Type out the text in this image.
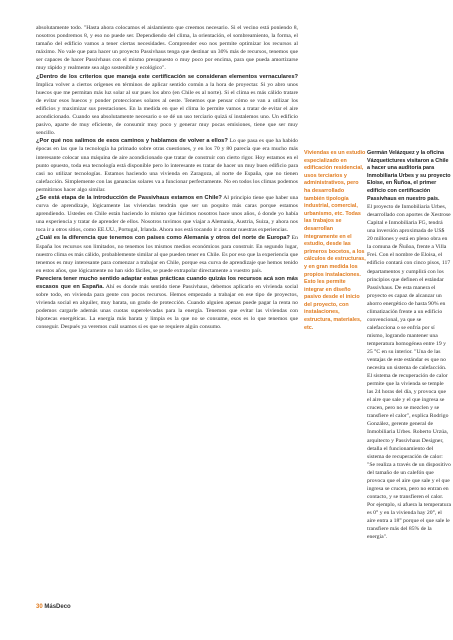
absolutamente todo. "Hasta ahora colocamos el aislamiento que creemos necesario. Si el vecino está poniendo 8, nosotros pondremos 8, y eso no puede ser. Dependiendo del clima, la orientación, el sombreamiento, la forma, el tamaño del edificio vamos a tener ciertas necesidades. Comprender eso nos permite optimizar los recursos al máximo. No vale que para hacer un proyecto Passivhaus tenga que destinar un 30% más de recursos, tenemos que ser capaces de hacer Passivhaus con el mismo presupuesto o muy poco por encima, para que pueda amortizarse muy rápido y realmente sea algo sostenible y ecológico".

¿Dentro de los criterios que maneja este certificación se consideran elementos vernaculares? Implica volver a ciertos orígenes en términos de aplicar sentido común a la hora de proyectar. Si yo abro unos huecos que me permitan más luz solar al sur pues los abro (en Chile es al norte). Si el clima es más cálido tratare de evitar esos huecos y ponder protecciones solares al oeste. Tenemos que pensar cómo se van a utilizar los edificios y maximizar sus prestaciones. En la medida en que el clima lo permite vamos a tratar de evitar el aire acondicionado. Cuando sea absolutamente necesario o se dé un uso terciario quizá sí instalemos uno. Un edificio pasivo, aparte de muy eficiente, de consumir muy poco y generar muy pocas emisiones, tiene que ser muy sencillo.

¿Por qué nos salimos de esos caminos y hablamos de volver a ellos? Lo que pasa es que ha habido épocas en las que la tecnología ha primado sobre otras cuestiones, y en los 70 y 80 parecía que era mucho más interesante colocar una máquina de aire acondicionado que tratar de construir con cierto rigor. Hoy estamos en el punto opuesto, toda esa tecnología está disponible pero lo interesante es tratar de hacer un muy buen edificio para casi no utilizar tecnologías. Estamos haciendo una vivienda en Zaragoza, al norte de España, que no tienen calefacción. Simplemente con las ganancias solares va a funcionar perfectamente. No en todos los climas podemos permitirnos hacer algo similar.

¿Se está etapa de la introducción de Passivhaus estamos en Chile? Al principio tiene que haber una curva de aprendizaje, lógicamente las viviendas tendrán que ser un poquito más caras porque estamos aprendiendo. Ustedes en Chile están haciendo lo mismo que hicimos nosotros hace unos años, ó donde yo había una experiencia y tratar de aprender de ellos. Nosotros tuvimos que viajar a Alemania, Austria, Suiza, y ahora nos toca ir a otros sitios, como EE.UU., Portugal, Irlanda. Ahora nos está tocando ir a contar nuestras experiencias.

¿Cuál es la diferencia que tenemos con países como Alemania y otros del norte de Europa? En España los recursos son limitados, no tenemos los mismos medios económicos para construir. En segundo lugar, nuestro clima es más cálido, probablemente similar al que pueden tener en Chile. Es por eso que la experiencia que tenemos es muy interesante para comenzar a trabajar en Chile, porque esa curva de aprendizaje que hemos tenido en estos años, que lógicamente no han sido fáciles, se puede extrapolar directamente a vuestro país.

Pareciera tener mucho sentido adaptar estas prácticas cuando quizás los recursos acá son más escasos que en España. Ahí es donde más sentido tiene Passivhaus, debemos aplicarlo en vivienda social sobre todo, en vivienda para gente con pocos recursos. Hemos empezado a trabajar en ese tipo de proyectos, vivienda social en alquiler, muy barata, un grado de protección. Cuando alguien apenas puede pagar la renta no podemos cargarle además unas cuotas superelevadas para la energía. Tenemos que evitar las viviendas con hipotecas energéticas. La energía más barata y limpia es la que no se consume, esos es lo que tenemos que conseguir. Después ya veremos cuál usamos si es que se requiere algún consumo.

Viviendas es un estudio especializado en edificación residencial, usos terciarios y administrativos, pero ha desarrollado también tipología industrial, comercial, urbanismo, etc. Todas las trabajos se desarrollan íntegramente en el estudio, desde las primeros bocetos, a los cálculos de estructuras, y en gran medida los propios instalaciones. Esto les permite integrar en diseño pasivo desde el inicio del proyecto, con instalaciones, estructura, materiales, etc.

Germán Velázquez y la oficina Vázquetictures visitaron a Chile a hacer una auditoría para Inmobiliaria Urbes y su proyecto Eloise, en Ñuñoa, el primer edificio con certificación Passivhaus en nuestro país.

El proyecto de Inmobiliaria Urbes, desarrollado con aportes de Xestrose Capital e Inmobiliaria FG, tendrá una inversión aproximada de US$ 20 millones y está en pleno obra en la comuna de Ñuñoa, frente a Villa Frei. Con el nombre de Eloisa, el edificio contará con cinco pisos, 117 departamentos y cumplirá con los principios que definen el estándar Passivhaus. De esta manera el proyecto es capaz de alcanzar un ahorro energético de hasta 90% en climatización frente a un edificio convencional, ya que se calefacciona o se enfría por sí mismo, logrando mantener una temperatura homogénea entre 19 y 25 °C en su interior. "Una de las ventajas de este estándar es que no necesita un sistema de calefacción. El sistema de recuperación de calor permite que la vivienda se temple las 24 horas del día, y provoca que el aire que sale y el que ingresa se crucen, pero no se mezclen y se transfiere el calor", explica Rodrigo González, gerente general de Inmobiliaria Urbes. Roberto Urzúa, arquitecto y Passivhaus Designer, detalla el funcionamiento del sistema de recuperación de calor: "Se realiza a través de un dispositivo del tamaño de un calefón que provoca que el aire que sale y el que ingresa se crucen, pero no entran en contacto, y se transfieren el calor. Por ejemplo, si afuera la temperatura es 0° y en la vivienda hay 20°, el aire entra a 18° porque el que sale le transfiere más del 85% de la energía".

30 MásDeco
